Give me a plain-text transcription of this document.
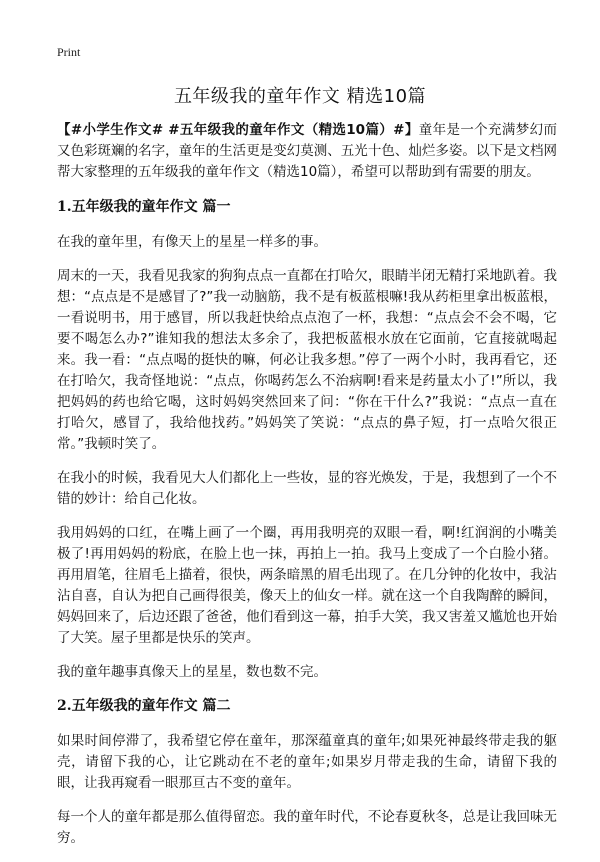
Print
五年级我的童年作文 精选10篇

【#小学生作文# #五年级我的童年作文（精选10篇）#】童年是一个充满梦幻而又色彩斑斓的名字，童年的生活更是变幻莫测、五光十色、灿烂多姿。以下是文档网帮大家整理的五年级我的童年作文（精选10篇），希望可以帮助到有需要的朋友。

1.五年级我的童年作文 篇一

在我的童年里，有像天上的星星一样多的事。

周末的一天，我看见我家的狗狗点点一直都在打哈欠，眼睛半闭无精打采地趴着。我想：“点点是不是感冒了?”我一动脑筋，我不是有板蓝根嘛!我从药柜里拿出板蓝根，一看说明书，用于感冒，所以我赶快给点点泡了一杯，我想：“点点会不会不喝，它要不喝怎么办?”谁知我的想法太多余了，我把板蓝根水放在它面前，它直接就喝起来。我一看：“点点喝的挺快的嘛，何必让我多想。”停了一两个小时，我再看它，还在打哈欠，我奇怪地说：“点点，你喝药怎么不治病啊!看来是药量太小了!”所以，我把妈妈的药也给它喝，这时妈妈突然回来了问：“你在干什么?”我说：“点点一直在打哈欠，感冒了，我给他找药。”妈妈笑了笑说：“点点的鼻子短，打一点哈欠很正常。”我顿时笑了。

在我小的时候，我看见大人们都化上一些妆，显的容光焕发，于是，我想到了一个不错的妙计：给自己化妆。

我用妈妈的口红，在嘴上画了一个圈，再用我明亮的双眼一看，啊!红润润的小嘴美极了!再用妈妈的粉底，在脸上也一抹，再拍上一拍。我马上变成了一个白脸小猪。再用眉笔，往眉毛上描着，很快，两条暗黑的眉毛出现了。在几分钟的化妆中，我沾沾自喜，自认为把自己画得很美，像天上的仙女一样。就在这一个自我陶醉的瞬间，妈妈回来了，后边还跟了爸爸，他们看到这一幕，拍手大笑，我又害羞又尴尬也开始了大笑。屋子里都是快乐的笑声。

我的童年趣事真像天上的星星，数也数不完。

2.五年级我的童年作文 篇二

如果时间停滞了，我希望它停在童年，那深蕴童真的童年;如果死神最终带走我的躯壳，请留下我的心，让它跳动在不老的童年;如果岁月带走我的生命，请留下我的眼，让我再窥看一眼那亘古不变的童年。

每一个人的童年都是那么值得留恋。我的童年时代，不论春夏秋冬，总是让我回味无穷。
